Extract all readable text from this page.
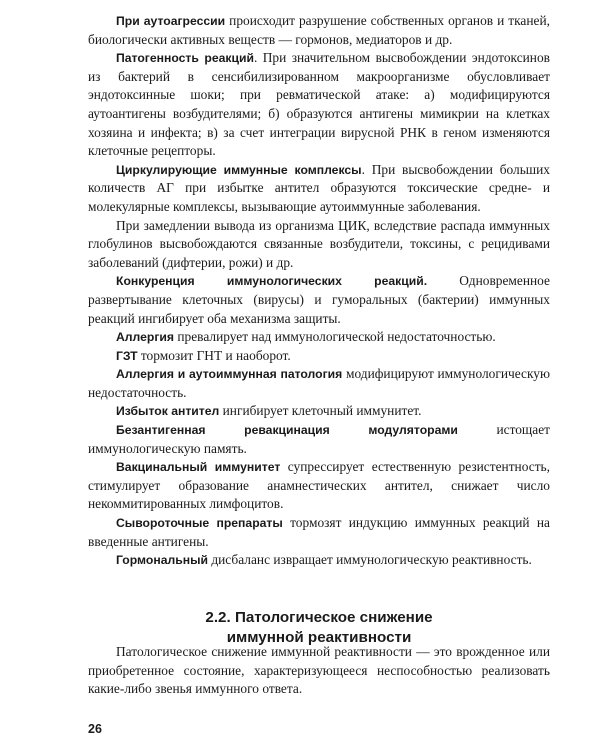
При аутоагрессии происходит разрушение собственных органов и тканей, биологически активных веществ — гормонов, медиаторов и др.

Патогенность реакций. При значительном высвобождении эндотоксинов из бактерий в сенсибилизированном макроорганизме обусловливает эндотоксинные шоки; при ревматической атаке: а) модифицируются аутоантигены возбудителями; б) образуются антигены мимикрии на клетках хозяина и инфекта; в) за счет интеграции вирусной РНК в геном изменяются клеточные рецепторы.

Циркулирующие иммунные комплексы. При высвобождении больших количеств АГ при избытке антител образуются токсические средне- и молекулярные комплексы, вызывающие аутоиммунные заболевания.

При замедлении вывода из организма ЦИК, вследствие распада иммунных глобулинов высвобождаются связанные возбудители, токсины, с рецидивами заболеваний (дифтерии, рожи) и др.

Конкуренция иммунологических реакций. Одновременное развертывание клеточных (вирусы) и гуморальных (бактерии) иммунных реакций ингибирует оба механизма защиты.

Аллергия превалирует над иммунологической недостаточностью.

ГЗТ тормозит ГНТ и наоборот.

Аллергия и аутоиммунная патология модифицируют иммунологическую недостаточность.

Избыток антител ингибирует клеточный иммунитет.

Безантигенная ревакцинация модуляторами истощает иммунологическую память.

Вакцинальный иммунитет супрессирует естественную резистентность, стимулирует образование анамнестических антител, снижает число некоммитированных лимфоцитов.

Сывороточные препараты тормозят индукцию иммунных реакций на введенные антигены.

Гормональный дисбаланс извращает иммунологическую реактивность.

2.2. Патологическое снижение
иммунной реактивности

Патологическое снижение иммунной реактивности — это врожденное или приобретенное состояние, характеризующееся неспособностью реализовать какие-либо звенья иммунного ответа.

26
